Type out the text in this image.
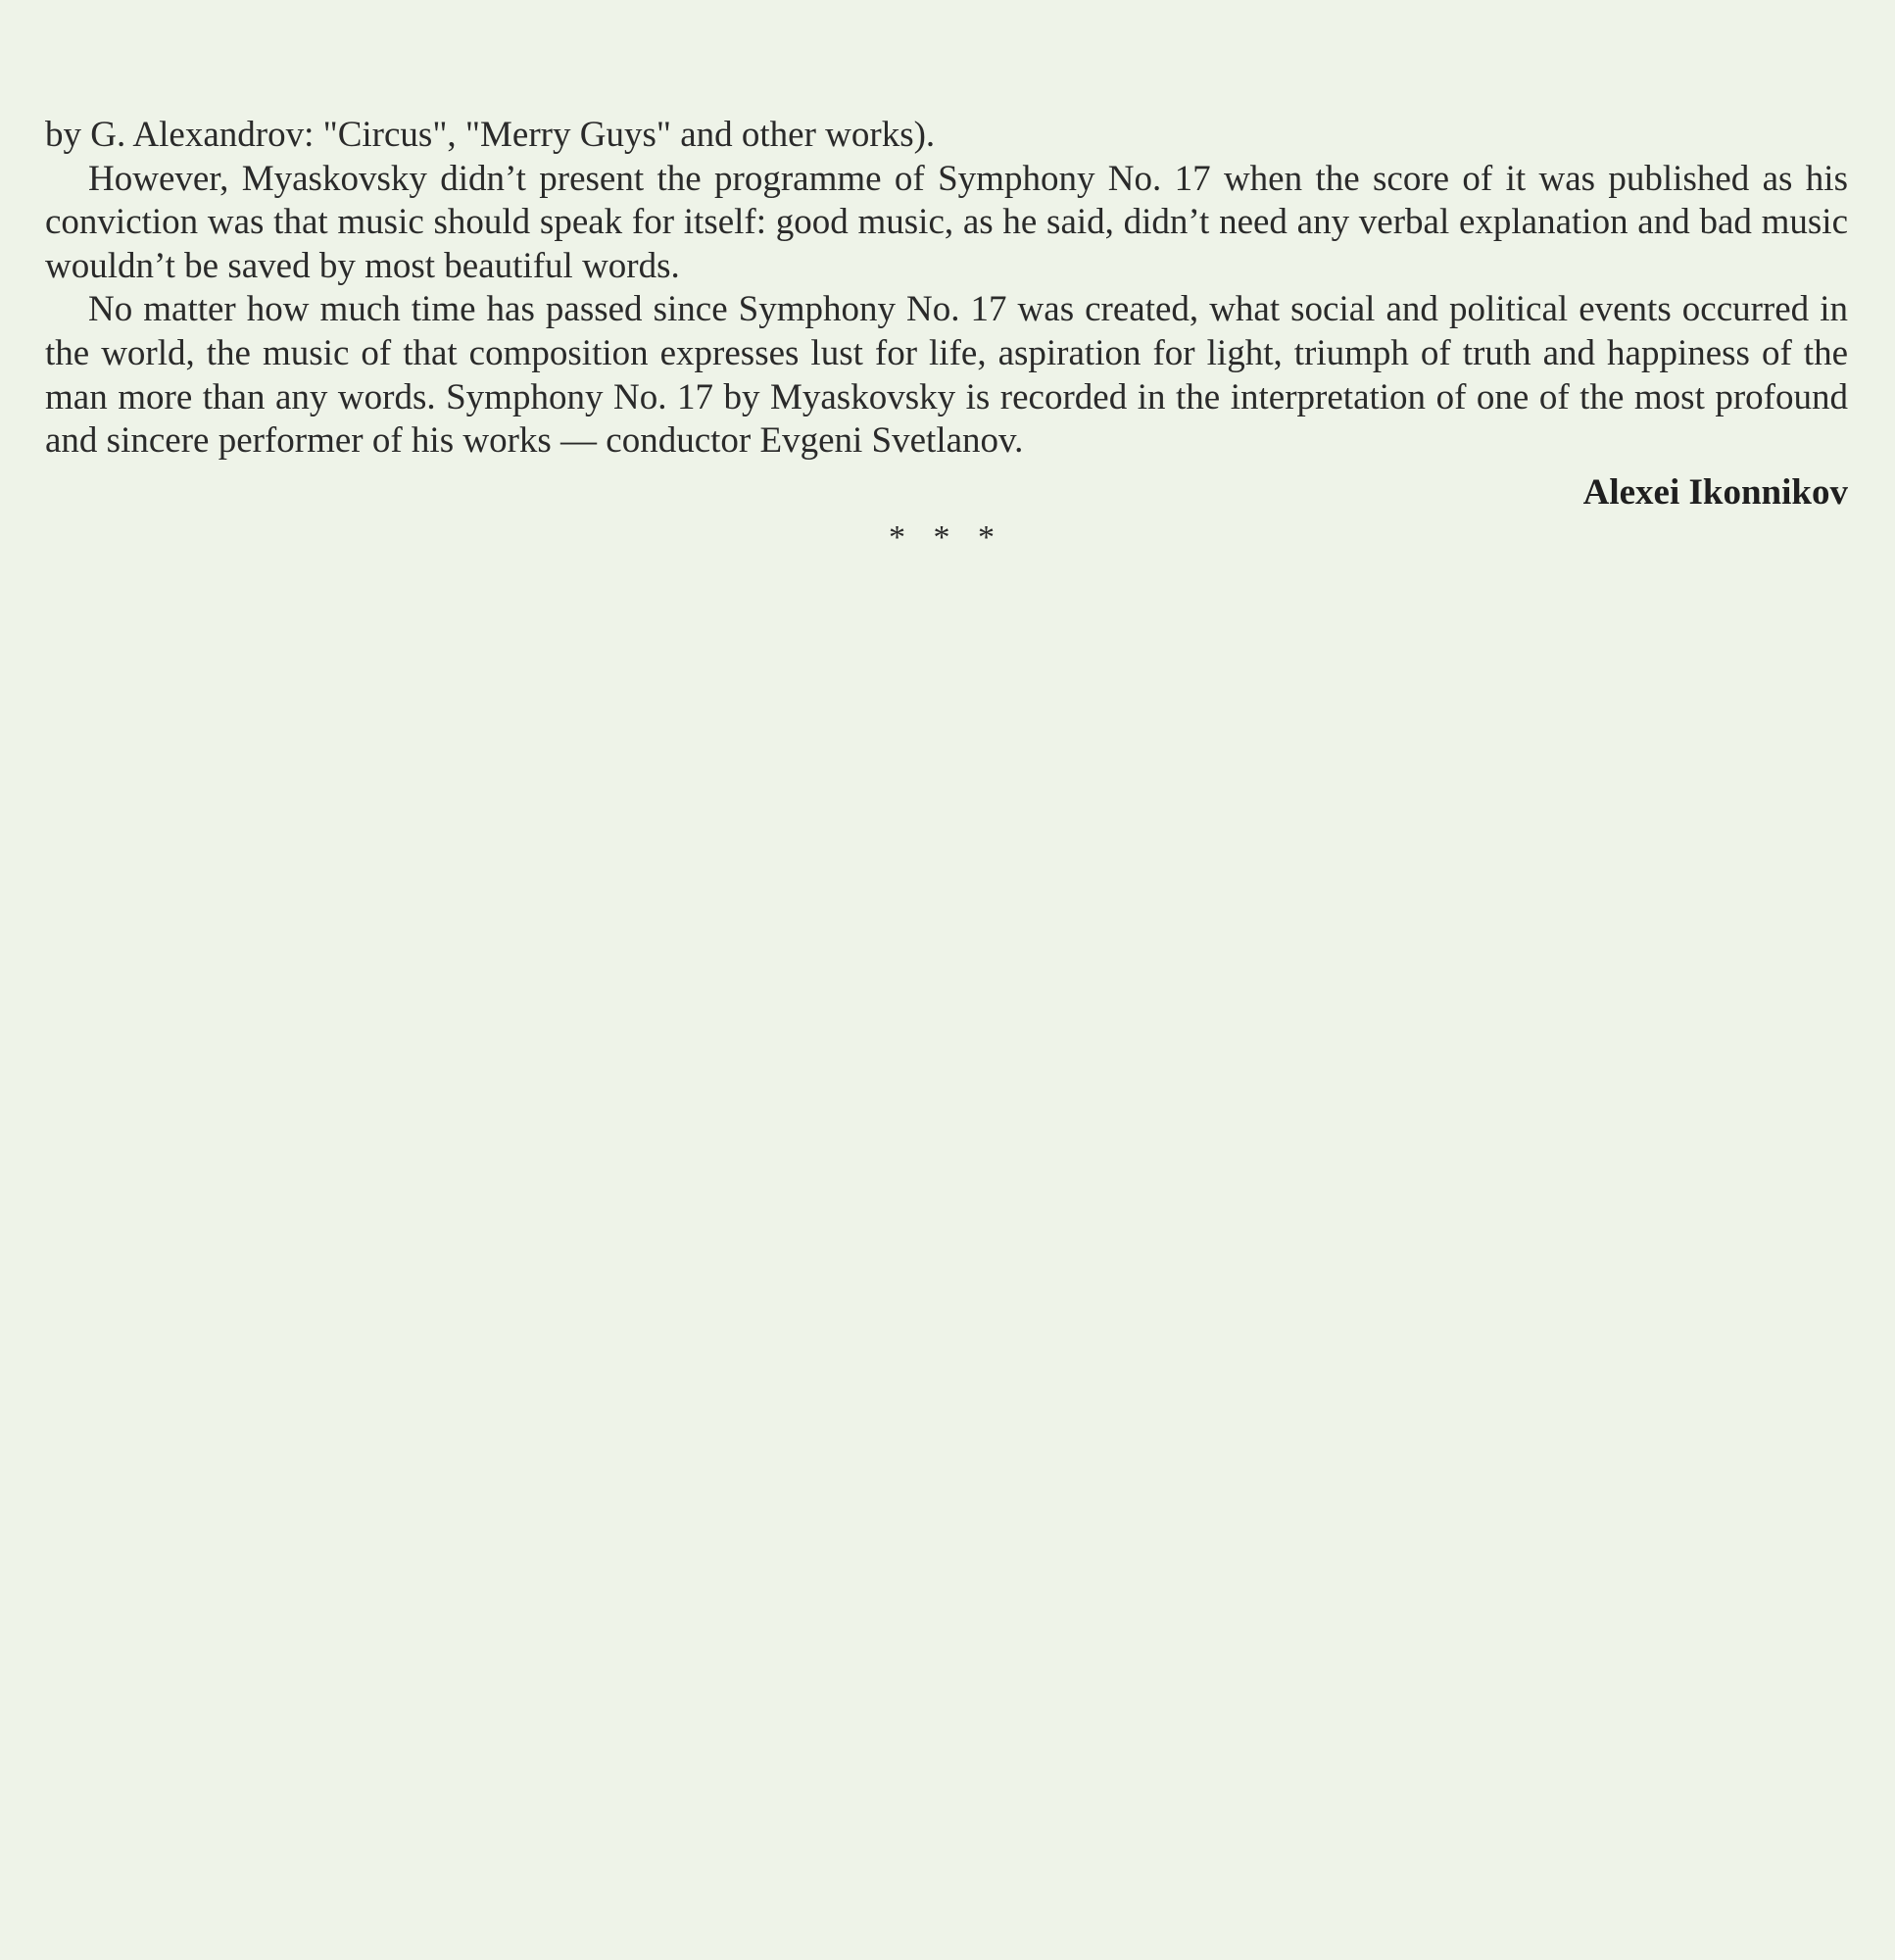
by G. Alexandrov: "Circus", "Merry Guys" and other works).

However, Myaskovsky didn’t present the programme of Symphony No. 17 when the score of it was published as his conviction was that music should speak for itself: good music, as he said, didn’t need any verbal explanation and bad music wouldn’t be saved by most beautiful words.

No matter how much time has passed since Symphony No. 17 was created, what social and political events occurred in the world, the music of that composition expresses lust for life, aspiration for light, triumph of truth and happiness of the man more than any words. Symphony No. 17 by Myaskovsky is recorded in the interpretation of one of the most profound and sincere performer of his works — conductor Evgeni Svetlanov.

Alexei Ikonnikov
* * *
